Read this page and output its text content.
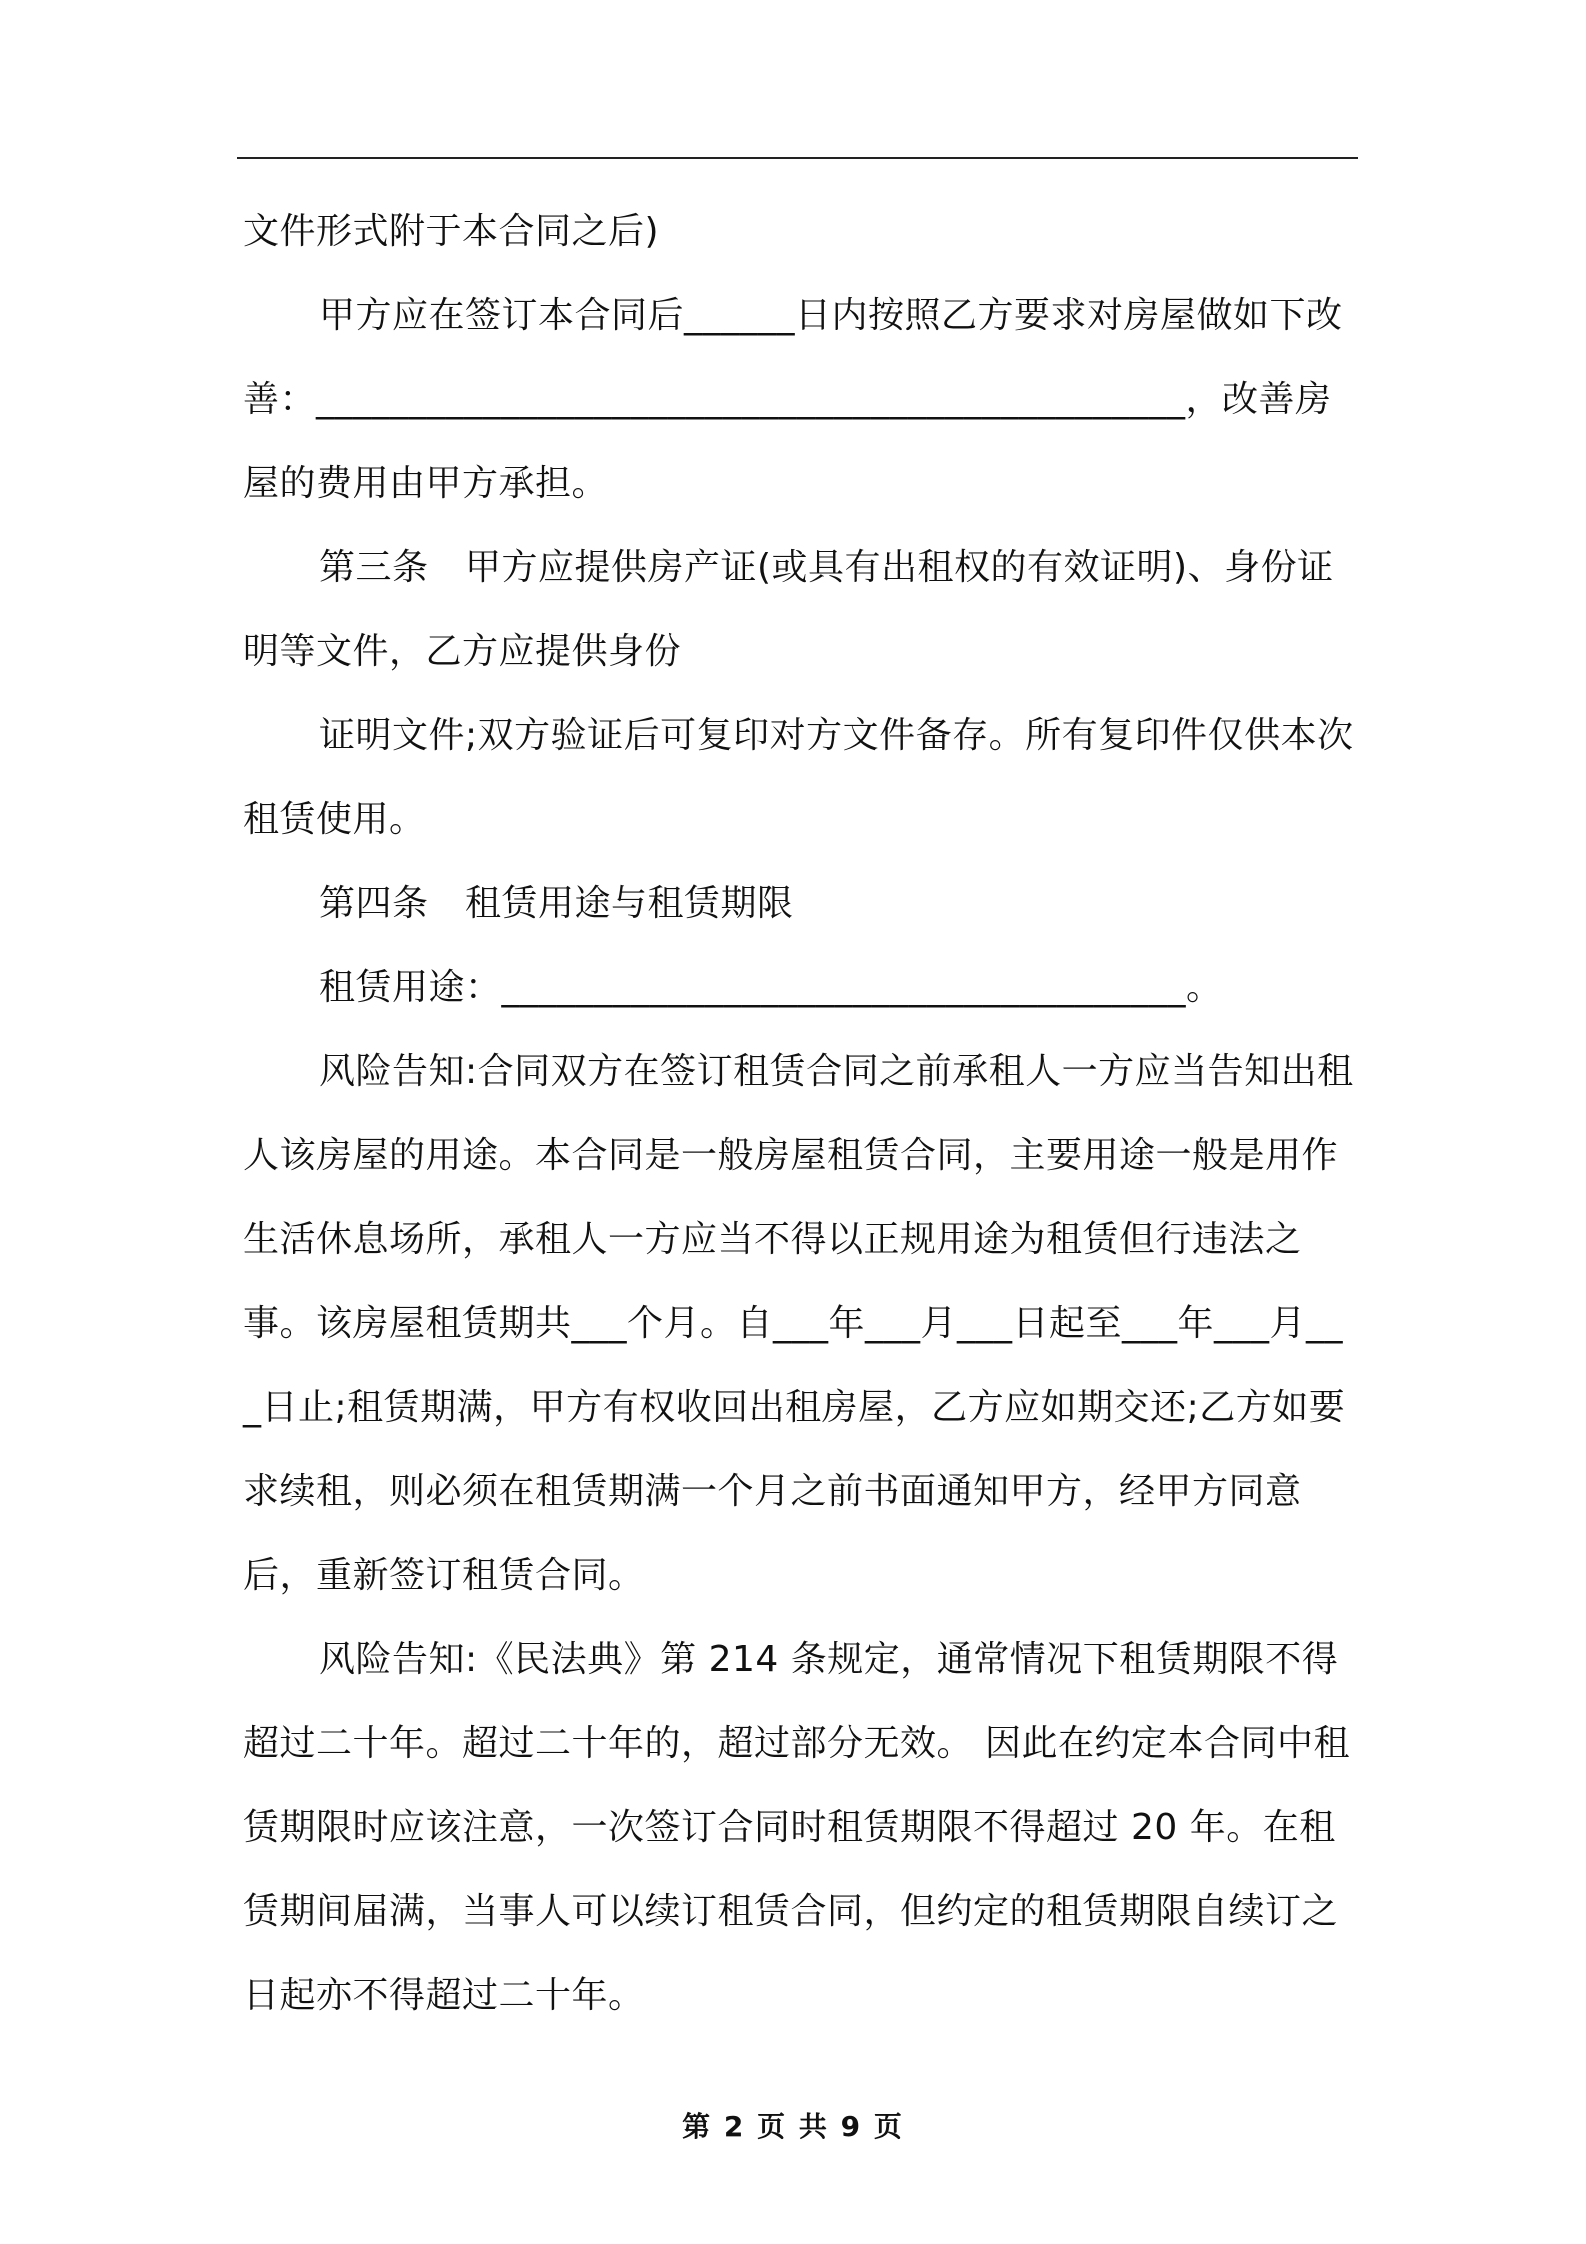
文件形式附于本合同之后)

甲方应在签订本合同后______日内按照乙方要求对房屋做如下改善：_______________________________________________，改善房屋的费用由甲方承担。

第三条　甲方应提供房产证(或具有出租权的有效证明)、身份证明等文件，乙方应提供身份

证明文件;双方验证后可复印对方文件备存。所有复印件仅供本次租赁使用。

第四条　租赁用途与租赁期限

租赁用途：_____________________________________。

风险告知:合同双方在签订租赁合同之前承租人一方应当告知出租人该房屋的用途。本合同是一般房屋租赁合同，主要用途一般是用作生活休息场所，承租人一方应当不得以正规用途为租赁但行违法之事。该房屋租赁期共___个月。自___年___月___日起至___年___月___日止;租赁期满，甲方有权收回出租房屋，乙方应如期交还;乙方如要求续租，则必须在租赁期满一个月之前书面通知甲方，经甲方同意后，重新签订租赁合同。

风险告知:《民法典》第 214 条规定，通常情况下租赁期限不得超过二十年。超过二十年的，超过部分无效。 因此在约定本合同中租赁期限时应该注意，一次签订合同时租赁期限不得超过 20 年。在租赁期间届满，当事人可以续订租赁合同，但约定的租赁期限自续订之日起亦不得超过二十年。

第 2 页 共 9 页
